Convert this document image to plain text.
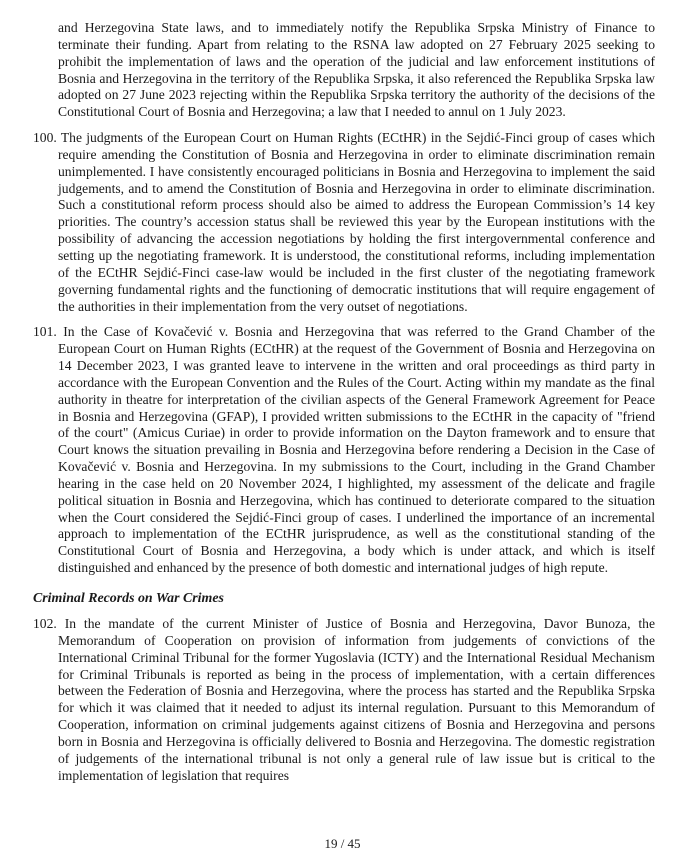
and Herzegovina State laws, and to immediately notify the Republika Srpska Ministry of Finance to terminate their funding. Apart from relating to the RSNA law adopted on 27 February 2025 seeking to prohibit the implementation of laws and the operation of the judicial and law enforcement institutions of Bosnia and Herzegovina in the territory of the Republika Srpska, it also referenced the Republika Srpska law adopted on 27 June 2023 rejecting within the Republika Srpska territory the authority of the decisions of the Constitutional Court of Bosnia and Herzegovina; a law that I needed to annul on 1 July 2023.

100. The judgments of the European Court on Human Rights (ECtHR) in the Sejdić-Finci group of cases which require amending the Constitution of Bosnia and Herzegovina in order to eliminate discrimination remain unimplemented. I have consistently encouraged politicians in Bosnia and Herzegovina to implement the said judgements, and to amend the Constitution of Bosnia and Herzegovina in order to eliminate discrimination. Such a constitutional reform process should also be aimed to address the European Commission’s 14 key priorities. The country’s accession status shall be reviewed this year by the European institutions with the possibility of advancing the accession negotiations by holding the first intergovernmental conference and setting up the negotiating framework. It is understood, the constitutional reforms, including implementation of the ECtHR Sejdić-Finci case-law would be included in the first cluster of the negotiating framework governing fundamental rights and the functioning of democratic institutions that will require engagement of the authorities in their implementation from the very outset of negotiations.

101. In the Case of Kovačević v. Bosnia and Herzegovina that was referred to the Grand Chamber of the European Court on Human Rights (ECtHR) at the request of the Government of Bosnia and Herzegovina on 14 December 2023, I was granted leave to intervene in the written and oral proceedings as third party in accordance with the European Convention and the Rules of the Court. Acting within my mandate as the final authority in theatre for interpretation of the civilian aspects of the General Framework Agreement for Peace in Bosnia and Herzegovina (GFAP), I provided written submissions to the ECtHR in the capacity of "friend of the court" (Amicus Curiae) in order to provide information on the Dayton framework and to ensure that Court knows the situation prevailing in Bosnia and Herzegovina before rendering a Decision in the Case of Kovačević v. Bosnia and Herzegovina. In my submissions to the Court, including in the Grand Chamber hearing in the case held on 20 November 2024, I highlighted, my assessment of the delicate and fragile political situation in Bosnia and Herzegovina, which has continued to deteriorate compared to the situation when the Court considered the Sejdić-Finci group of cases. I underlined the importance of an incremental approach to implementation of the ECtHR jurisprudence, as well as the constitutional standing of the Constitutional Court of Bosnia and Herzegovina, a body which is under attack, and which is itself distinguished and enhanced by the presence of both domestic and international judges of high repute.

Criminal Records on War Crimes

102. In the mandate of the current Minister of Justice of Bosnia and Herzegovina, Davor Bunoza, the Memorandum of Cooperation on provision of information from judgements of convictions of the International Criminal Tribunal for the former Yugoslavia (ICTY) and the International Residual Mechanism for Criminal Tribunals is reported as being in the process of implementation, with a certain differences between the Federation of Bosnia and Herzegovina, where the process has started and the Republika Srpska for which it was claimed that it needed to adjust its internal regulation. Pursuant to this Memorandum of Cooperation, information on criminal judgements against citizens of Bosnia and Herzegovina and persons born in Bosnia and Herzegovina is officially delivered to Bosnia and Herzegovina. The domestic registration of judgements of the international tribunal is not only a general rule of law issue but is critical to the implementation of legislation that requires

19 / 45
